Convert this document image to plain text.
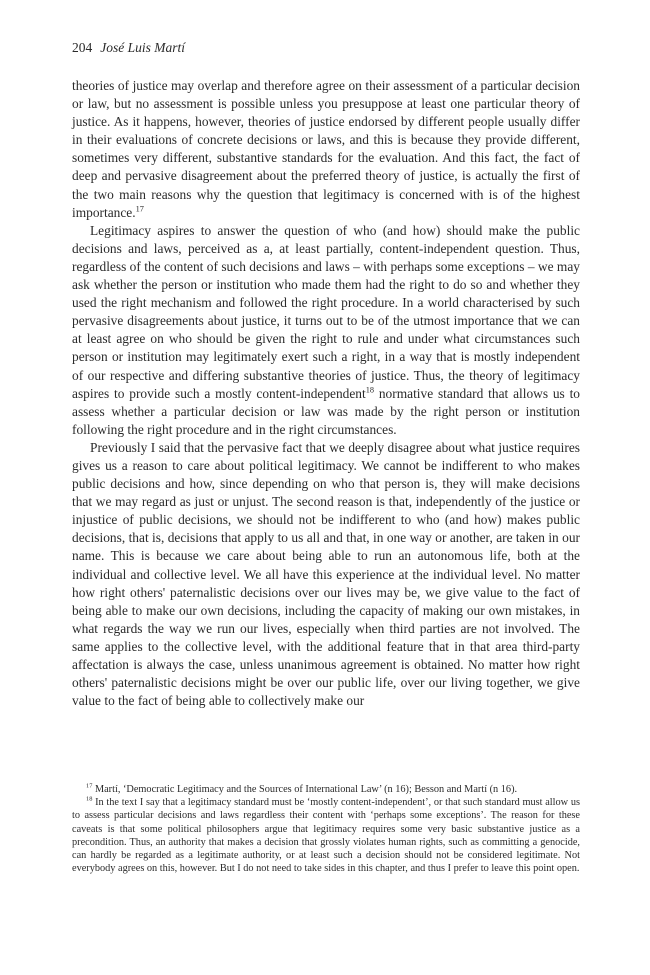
204 José Luis Martí

theories of justice may overlap and therefore agree on their assessment of a particular decision or law, but no assessment is possible unless you presuppose at least one particular theory of justice. As it happens, however, theories of justice endorsed by different people usually differ in their evaluations of concrete decisions or laws, and this is because they provide different, sometimes very different, substantive standards for the evaluation. And this fact, the fact of deep and pervasive disagreement about the preferred theory of justice, is actually the first of the two main reasons why the question that legitimacy is concerned with is of the highest importance.$^{17}$

Legitimacy aspires to answer the question of who (and how) should make the public decisions and laws, perceived as a, at least partially, content-independent question. Thus, regardless of the content of such decisions and laws – with perhaps some exceptions – we may ask whether the person or institution who made them had the right to do so and whether they used the right mechanism and followed the right procedure. In a world characterised by such pervasive disagreements about justice, it turns out to be of the utmost importance that we can at least agree on who should be given the right to rule and under what circumstances such person or institution may legitimately exert such a right, in a way that is mostly independent of our respective and differing substantive theories of justice. Thus, the theory of legitimacy aspires to provide such a mostly content-independent$^{18}$ normative standard that allows us to assess whether a particular decision or law was made by the right person or institution following the right procedure and in the right circumstances.

Previously I said that the pervasive fact that we deeply disagree about what justice requires gives us a reason to care about political legitimacy. We cannot be indifferent to who makes public decisions and how, since depending on who that person is, they will make decisions that we may regard as just or unjust. The second reason is that, independently of the justice or injustice of public decisions, we should not be indifferent to who (and how) makes public decisions, that is, decisions that apply to us all and that, in one way or another, are taken in our name. This is because we care about being able to run an autonomous life, both at the individual and collective level. We all have this experience at the individual level. No matter how right others' paternalistic decisions over our lives may be, we give value to the fact of being able to make our own decisions, including the capacity of making our own mistakes, in what regards the way we run our lives, especially when third parties are not involved. The same applies to the collective level, with the additional feature that in that area third-party affectation is always the case, unless unanimous agreement is obtained. No matter how right others' paternalistic decisions might be over our public life, over our living together, we give value to the fact of being able to collectively make our

$^{17}$ Martí, ‘Democratic Legitimacy and the Sources of International Law’ (n 16); Besson and Martí (n 16).

$^{18}$ In the text I say that a legitimacy standard must be ‘mostly content-independent’, or that such standard must allow us to assess particular decisions and laws regardless their content with ‘perhaps some exceptions’. The reason for these caveats is that some political philosophers argue that legitimacy requires some very basic substantive justice as a precondition. Thus, an authority that makes a decision that grossly violates human rights, such as committing a genocide, can hardly be regarded as a legitimate authority, or at least such a decision should not be considered legitimate. Not everybody agrees on this, however. But I do not need to take sides in this chapter, and thus I prefer to leave this point open.
